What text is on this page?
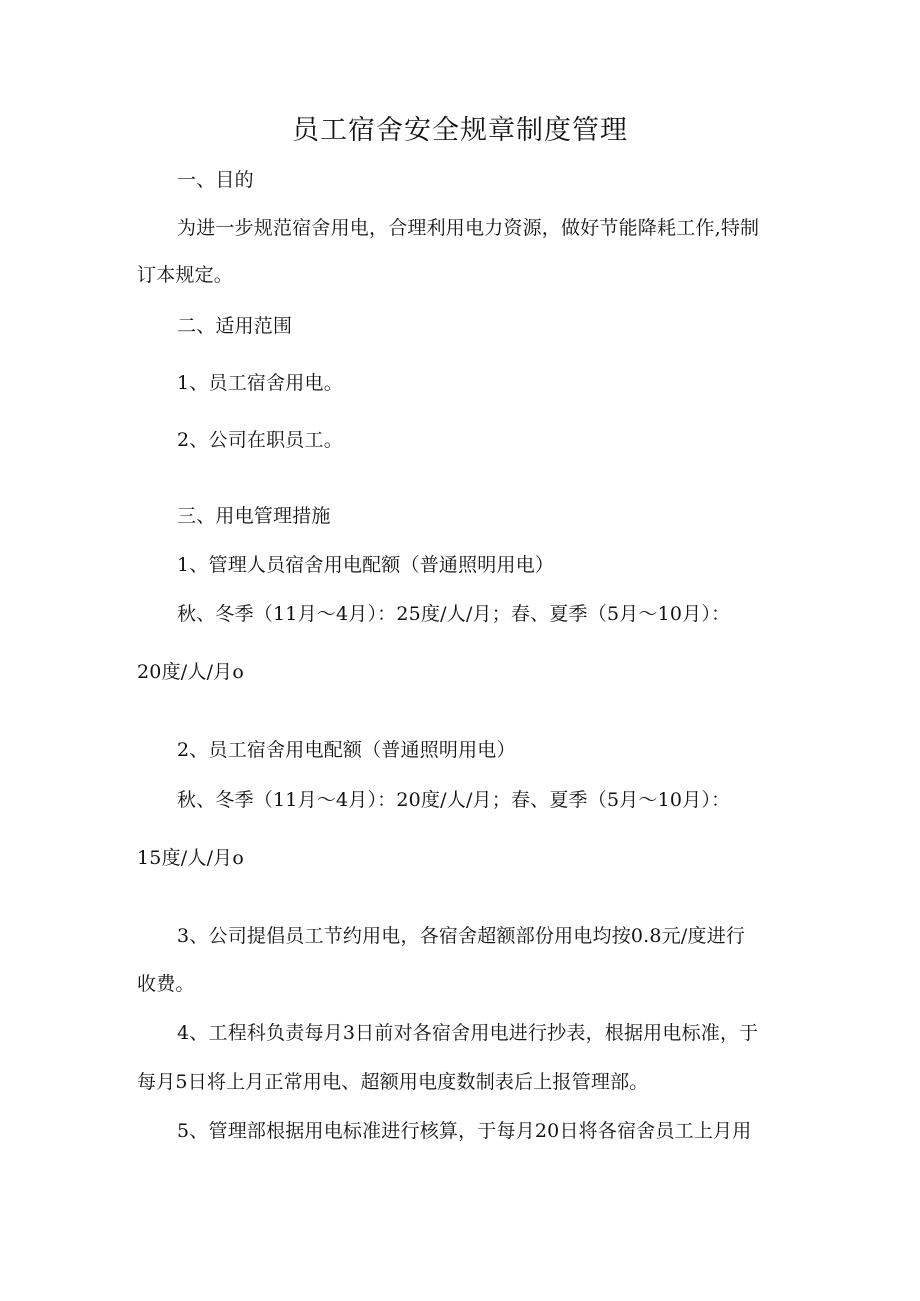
员工宿舍安全规章制度管理
一、目的
为进一步规范宿舍用电，合理利用电力资源，做好节能降耗工作,特制
订本规定。
二、适用范围
1、员工宿舍用电。
2、公司在职员工。
三、用电管理措施
1、管理人员宿舍用电配额（普通照明用电）
秋、冬季（11月～4月）：25度/人/月；春、夏季（5月～10月）：
20度/人/月o
2、员工宿舍用电配额（普通照明用电）
秋、冬季（11月～4月）：20度/人/月；春、夏季（5月～10月）：
15度/人/月o
3、公司提倡员工节约用电，各宿舍超额部份用电均按0.8元/度进行
收费。
4、工程科负责每月3日前对各宿舍用电进行抄表，根据用电标准，于
每月5日将上月正常用电、超额用电度数制表后上报管理部。
5、管理部根据用电标准进行核算，于每月20日将各宿舍员工上月用
